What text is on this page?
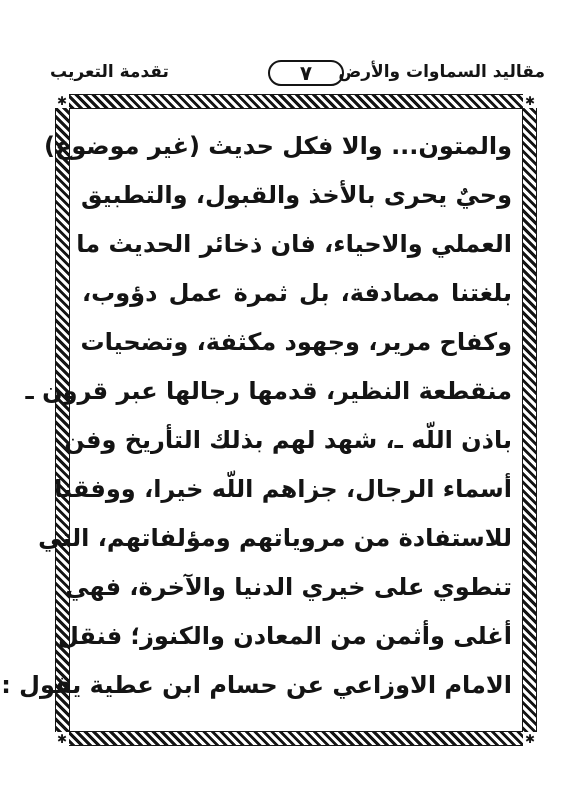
مقاليد السماوات والأرض
٧
تقدمة التعريب
✱	✱
✱	✱
والمتون... والا فكل حديث (غير موضوع)
وحيٌ يحرى بالأخذ والقبول، والتطبيق
العملي والاحياء، فان ذخائر الحديث ما
بلغتنا مصادفة، بل ثمرة عمل دؤوب،
وكفاح مرير، وجهود مكثفة، وتضحيات
منقطعة النظير، قدمها رجالها عبر قرون ـ
باذن اللّه ـ، شهد لهم بذلك التأريخ وفن
أسماء الرجال، جزاهم اللّه خيرا، ووفقنا
للاستفادة من مروياتهم ومؤلفاتهم، التي
تنطوي على خيري الدنيا والآخرة، فهي
أغلى وأثمن من المعادن والكنوز؛ فنقل
الامام الاوزاعي عن حسام ابن عطية يقول :
